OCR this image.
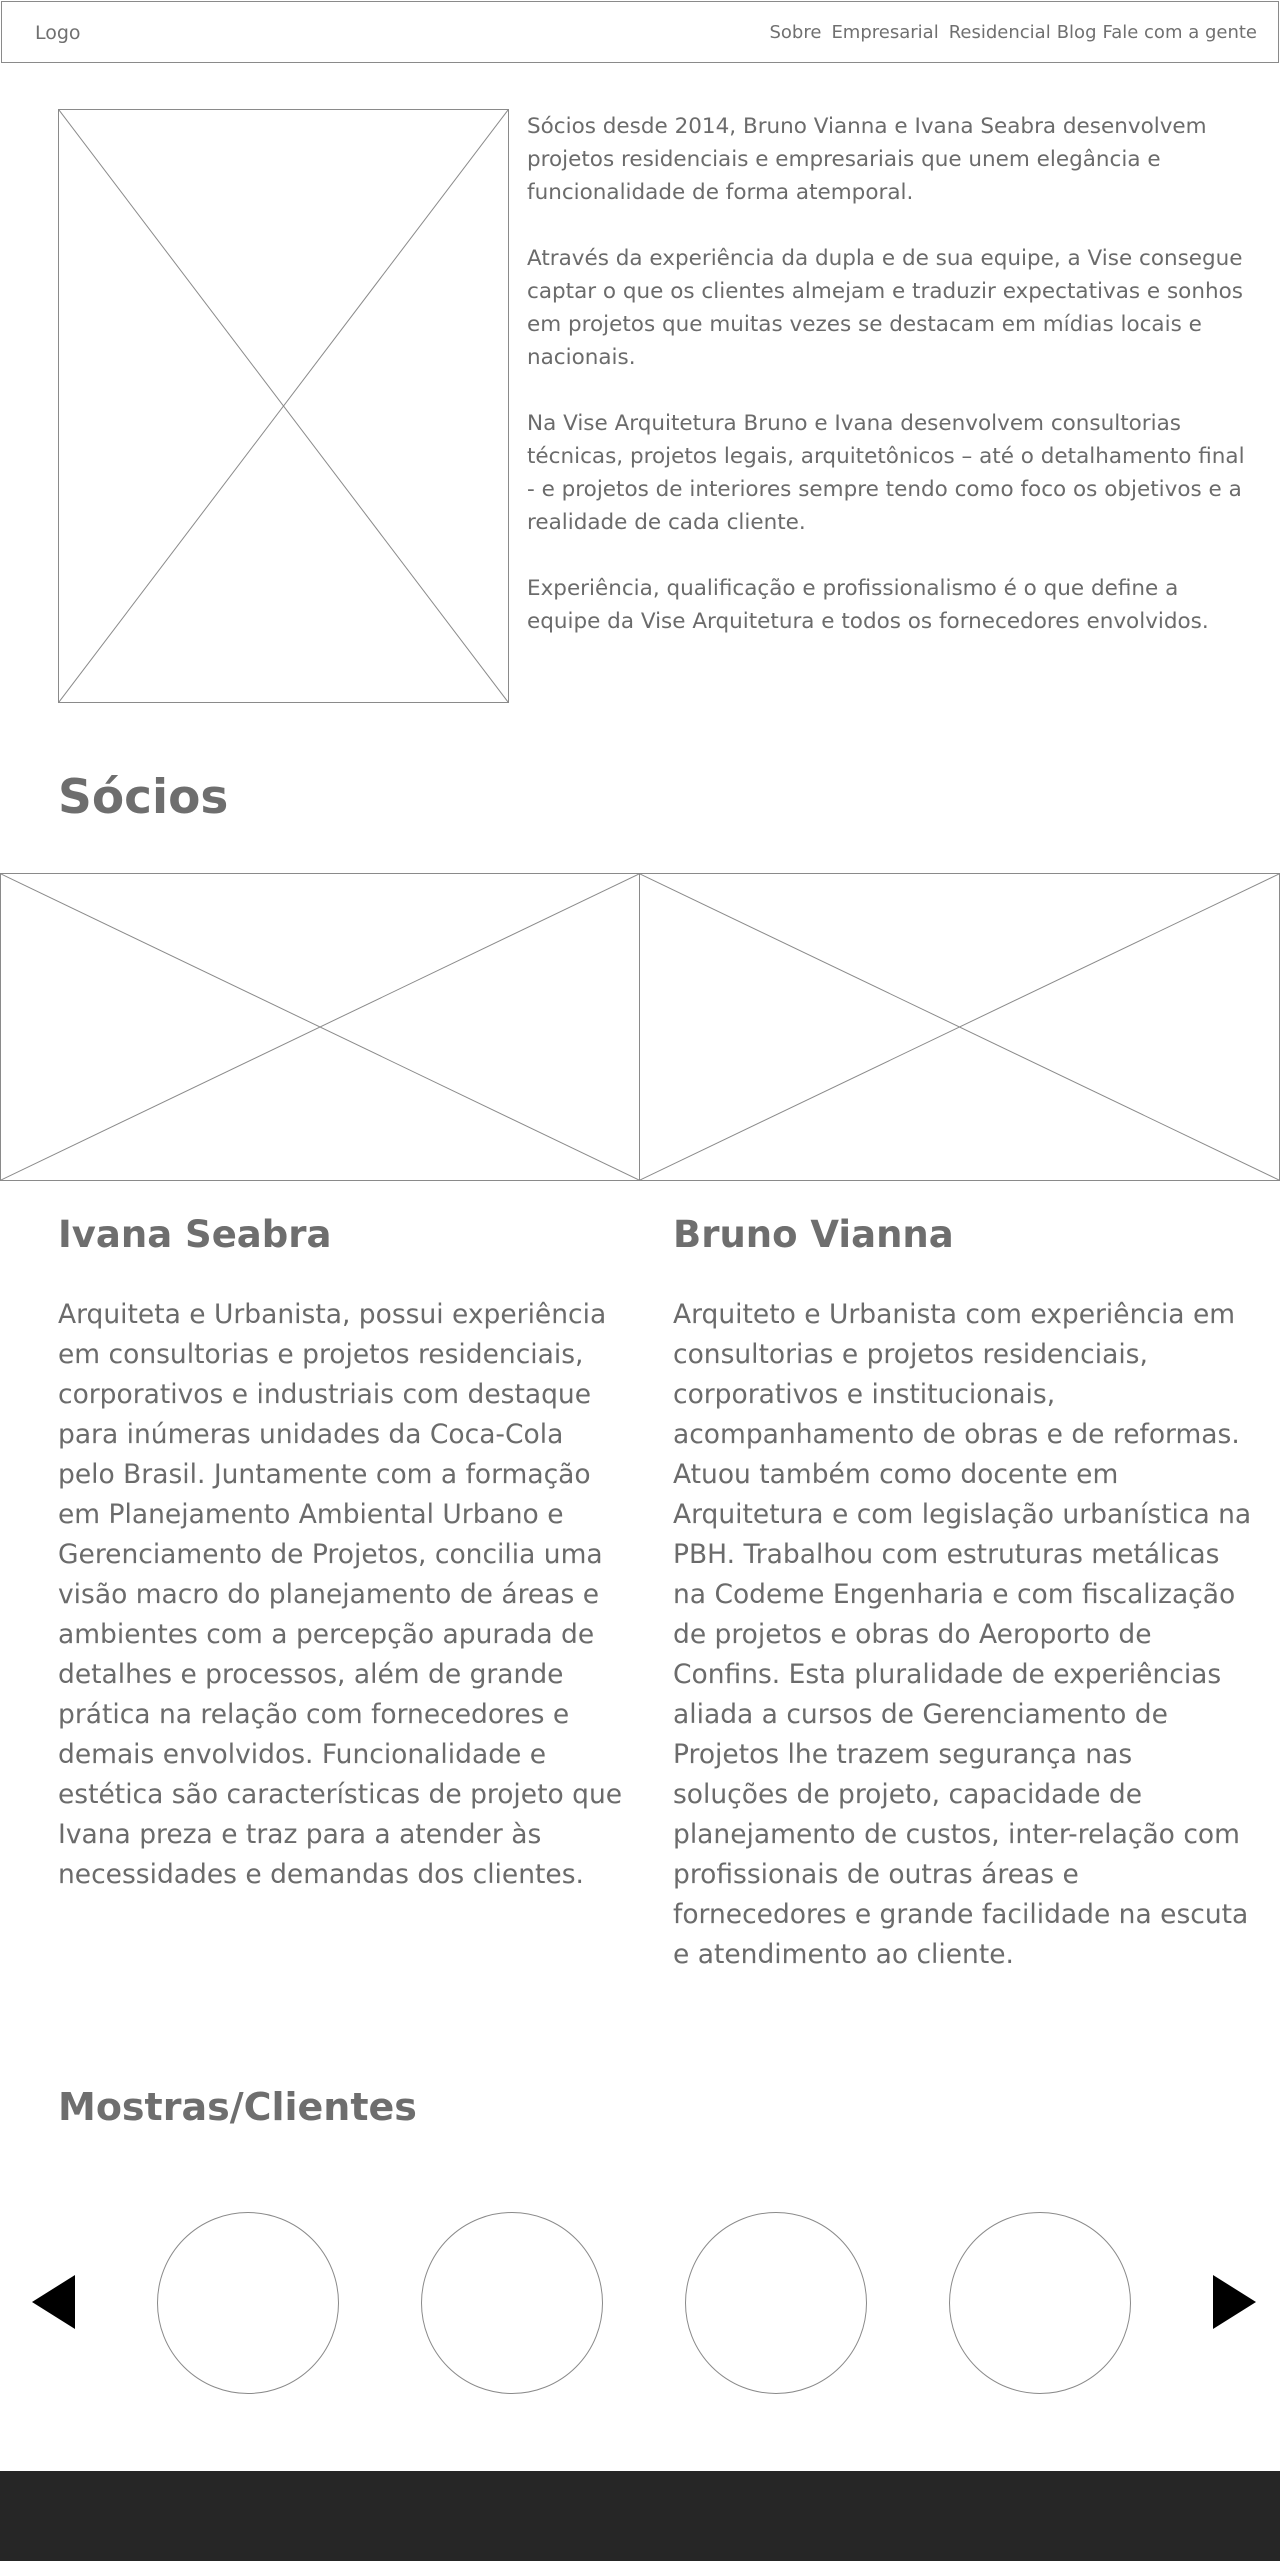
Logo	Sobre Empresarial Residencial Blog Fale com a gente

Sócios desde 2014, Bruno Vianna e Ivana Seabra desenvolvem projetos residenciais e empresariais que unem elegância e funcionalidade de forma atemporal.

Através da experiência da dupla e de sua equipe, a Vise consegue captar o que os clientes almejam e traduzir expectativas e sonhos em projetos que muitas vezes se destacam em mídias locais e nacionais.

Na Vise Arquitetura Bruno e Ivana desenvolvem consultorias técnicas, projetos legais, arquitetônicos – até o detalhamento final - e projetos de interiores sempre tendo como foco os objetivos e a realidade de cada cliente.

Experiência, qualificação e profissionalismo é o que define a equipe da Vise Arquitetura e todos os fornecedores envolvidos.

Sócios
Ivana Seabra

Arquiteta e Urbanista, possui experiência em consultorias e projetos residenciais, corporativos e industriais com destaque para inúmeras unidades da Coca-Cola pelo Brasil. Juntamente com a formação em Planejamento Ambiental Urbano e Gerenciamento de Projetos, concilia uma visão macro do planejamento de áreas e ambientes com a percepção apurada de detalhes e processos, além de grande prática na relação com fornecedores e demais envolvidos. Funcionalidade e estética são características de projeto que Ivana preza e traz para a atender às necessidades e demandas dos clientes.

Bruno Vianna

Arquiteto e Urbanista com experiência em consultorias e projetos residenciais, corporativos e institucionais, acompanhamento de obras e de reformas. Atuou também como docente em Arquitetura e com legislação urbanística na PBH. Trabalhou com estruturas metálicas na Codeme Engenharia e com fiscalização de projetos e obras do Aeroporto de Confins. Esta pluralidade de experiências aliada a cursos de Gerenciamento de Projetos lhe trazem segurança nas soluções de projeto, capacidade de planejamento de custos, inter-relação com profissionais de outras áreas e fornecedores e grande facilidade na escuta e atendimento ao cliente.

Mostras/Clientes
